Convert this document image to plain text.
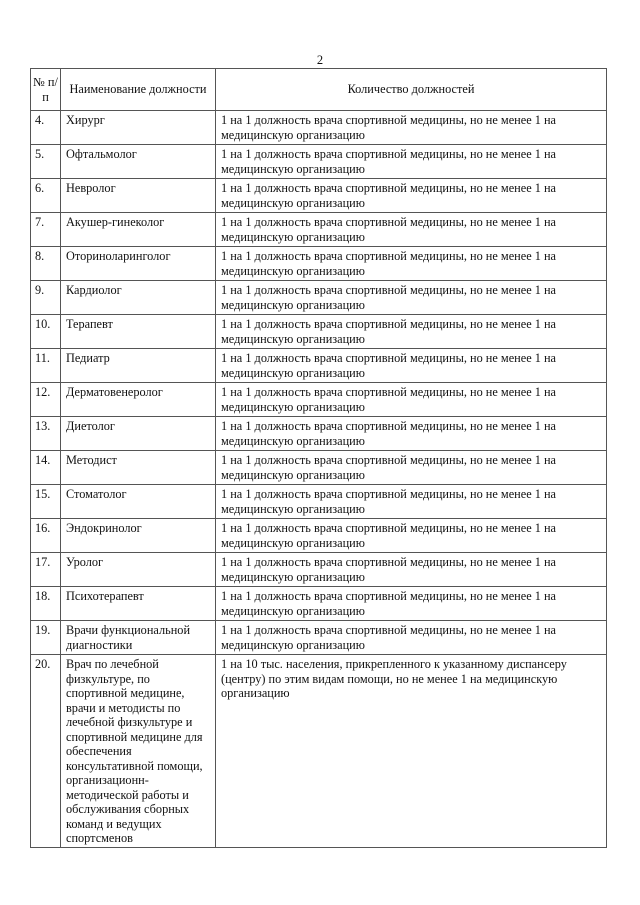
2
№ п/п	Наименование должности	Количество должностей
4.	Хирург	1 на 1 должность врача спортивной медицины, но не менее 1 на медицинскую организацию
5.	Офтальмолог	1 на 1 должность врача спортивной медицины, но не менее 1 на медицинскую организацию
6.	Невролог	1 на 1 должность врача спортивной медицины, но не менее 1 на медицинскую организацию
7.	Акушер-гинеколог	1 на 1 должность врача спортивной медицины, но не менее 1 на медицинскую организацию
8.	Оториноларинголог	1 на 1 должность врача спортивной медицины, но не менее 1 на медицинскую организацию
9.	Кардиолог	1 на 1 должность врача спортивной медицины, но не менее 1 на медицинскую организацию
10.	Терапевт	1 на 1 должность врача спортивной медицины, но не менее 1 на медицинскую организацию
11.	Педиатр	1 на 1 должность врача спортивной медицины, но не менее 1 на медицинскую организацию
12.	Дерматовенеролог	1 на 1 должность врача спортивной медицины, но не менее 1 на медицинскую организацию
13.	Диетолог	1 на 1 должность врача спортивной медицины, но не менее 1 на медицинскую организацию
14.	Методист	1 на 1 должность врача спортивной медицины, но не менее 1 на медицинскую организацию
15.	Стоматолог	1 на 1 должность врача спортивной медицины, но не менее 1 на медицинскую организацию
16.	Эндокринолог	1 на 1 должность врача спортивной медицины, но не менее 1 на медицинскую организацию
17.	Уролог	1 на 1 должность врача спортивной медицины, но не менее 1 на медицинскую организацию
18.	Психотерапевт	1 на 1 должность врача спортивной медицины, но не менее 1 на медицинскую организацию
19.	Врачи функциональной диагностики	1 на 1 должность врача спортивной медицины, но не менее 1 на медицинскую организацию
20.	Врач по лечебной физкультуре, по спортивной медицине, врачи и методисты по лечебной физкультуре и спортивной медицине для обеспечения консультативной помощи, организационн-методической работы и обслуживания сборных команд и ведущих спортсменов	1 на 10 тыс. населения, прикрепленного к указанному диспансеру (центру) по этим видам помощи, но не менее 1 на медицинскую организацию
